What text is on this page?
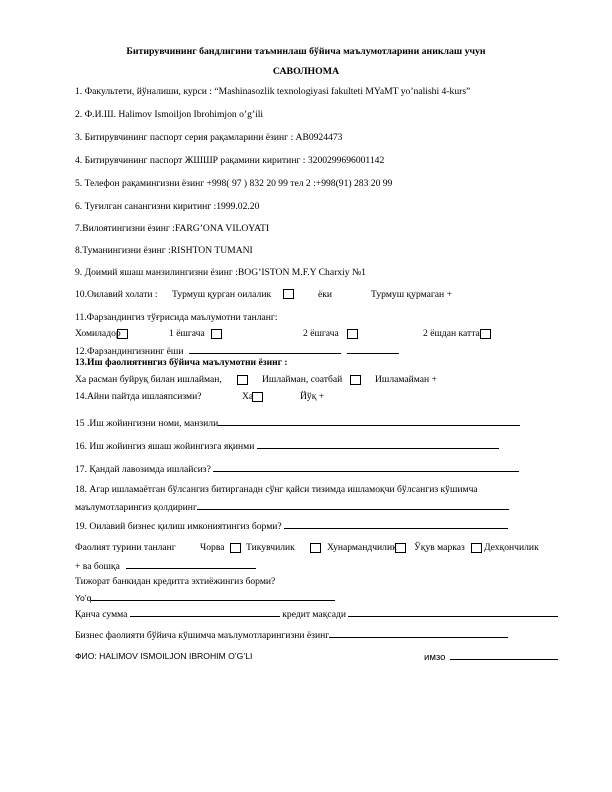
Битирувчининг бандлигини таъминлаш бўйича маълумотларини аниклаш учун
САВОЛНОМА
1. Факультети, йўналиши, курси : “Mashinasozlik texnologiyasi fakulteti MYaMT yo’nalishi 4-kurs”
2. Ф.И.Ш. Halimov Ismoiljon Ibrohimjon o’g’ili
3. Битирувчининг паспорт серия рақамларини ёзинг : AB0924473
4. Битирувчининг паспорт ЖШШР рақамини киритинг : 3200299696001142
5. Телефон рақамингизни ёзинг +998( 97 ) 832 20 99 тел 2 :+998(91) 283 20 99
6. Туғилган санангизни киритинг :1999.02.20
7.Вилоятингизни ёзинг :FARG’ONA VILOYATI
8.Туманингизни ёзинг :RISHTON TUMANI
9. Доимий яшаш манзилингизни ёзинг :BOG’ISTON M.F.Y Charxiy №1
10.Оилавий холати : Турмуш қурган оилалик	ёки	Турмуш қурмаган +
11.Фарзандингиз тўғрисида маълумотни танланг:
Хомиладор	1 ёшгача	2 ёшгача	2 ёшдан катта
12.Фарзандингизнинг ёши
13.Иш фаолиятингиз бўйича маълумотни ёзинг :
Ха расман буйруқ билан ишлайман,	Ишлайман, соатбай	Ишламайман +
14.Айни пайтда ишлаяпсизми?	Ха	Йўқ +
15 .Иш жойингизни номи, манзили
16. Иш жойингиз яшаш жойингизга яқинми
17. Қандай лавозимда ишлайсиз?
18. Агар ишламаётган бўлсангиз битирганадн сўнг қайси тизимда ишламоқчи бўлсангиз кўшимча
маълумотларингиз қолдиринг
19. Оилавий бизнес қилиш имкониятингиз борми?
Фаолият турини танланг	Чорва Тикувчилик	Хунармандчилик Ўқув марказ Дехқончилик
+ ва бошқа
Тижорат банкидан кредитга эхтиёжингиз борми?
Yo’q
Қанча сумма	кредит мақсади
Бизнес фаолияти бўйича кўшимча маълумотларингизни ёзинг
ФИО: HALIMOV ISMOILJON IBROHIM O’G’LI	имзо
